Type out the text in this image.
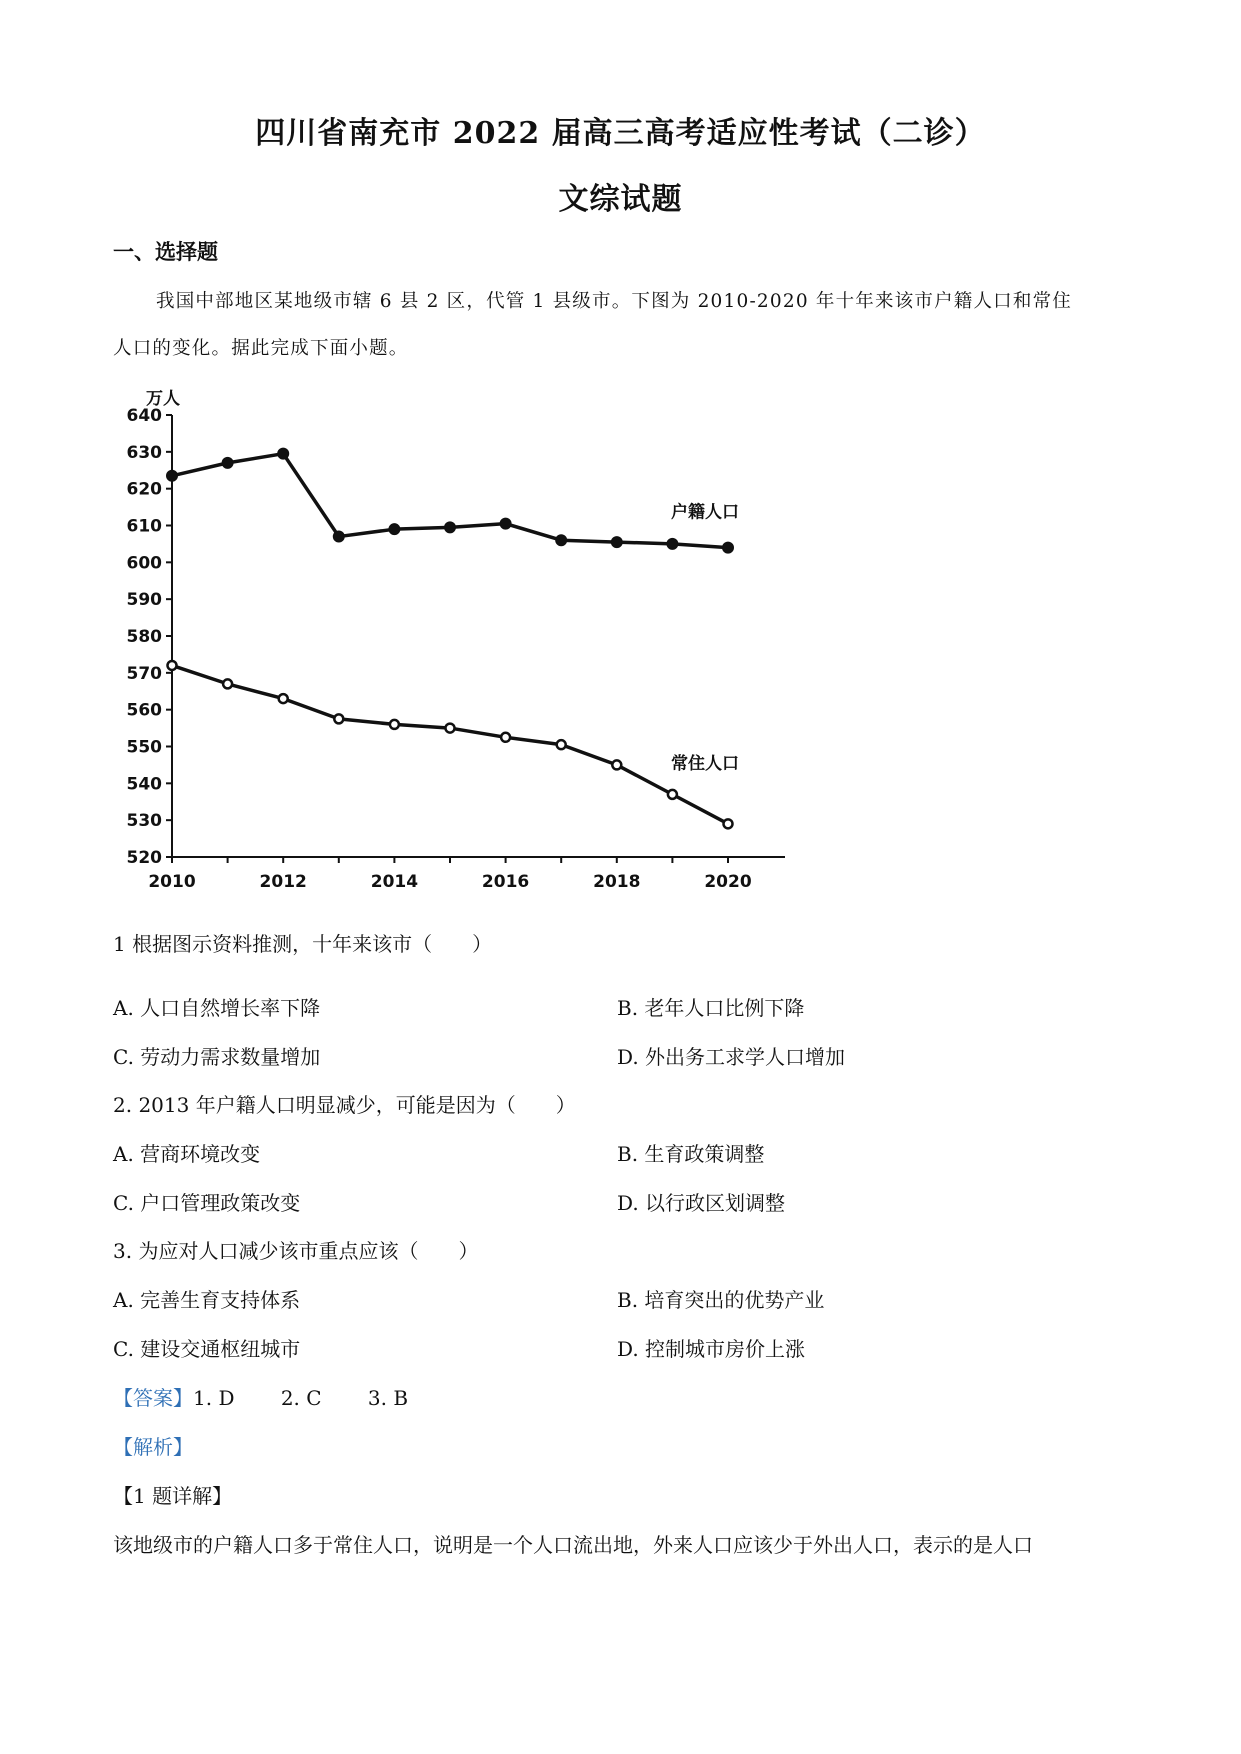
四川省南充市 2022 届高三高考适应性考试（二诊）
文综试题
一、选择题
我国中部地区某地级市辖 6 县 2 区，代管 1 县级市。下图为 2010-2020 年十年来该市户籍人口和常住
人口的变化。据此完成下面小题。
万人
520
530
540
550
560
570
580
590
600
610
620
630
640
2010	2012	2014	2016	2018	2020
户籍人口
常住人口
1 根据图示资料推测，十年来该市（　　）
A. 人口自然增长率下降	B. 老年人口比例下降
C. 劳动力需求数量增加	D. 外出务工求学人口增加
2. 2013 年户籍人口明显减少，可能是因为（　　）
A. 营商环境改变	B. 生育政策调整
C. 户口管理政策改变	D. 以行政区划调整
3. 为应对人口减少该市重点应该（　　）
A. 完善生育支持体系	B. 培育突出的优势产业
C. 建设交通枢纽城市	D. 控制城市房价上涨
【答案】1. D　　 2. C　　 3. B
【解析】
【1 题详解】
该地级市的户籍人口多于常住人口，说明是一个人口流出地，外来人口应该少于外出人口，表示的是人口
